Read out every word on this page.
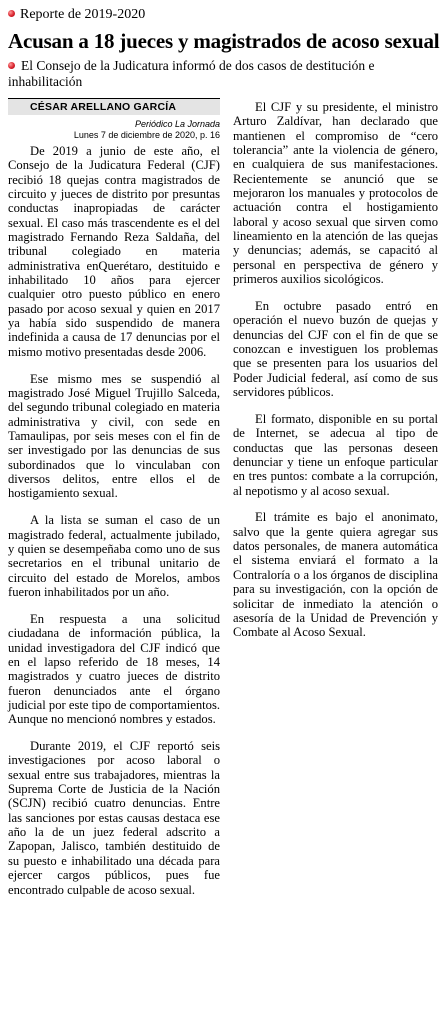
Reporte de 2019-2020
Acusan a 18 jueces y magistrados de acoso sexual
El Consejo de la Judicatura informó de dos casos de destitución e inhabilitación
CÉSAR ARELLANO GARCÍA
Periódico La Jornada
Lunes 7 de diciembre de 2020, p. 16

De 2019 a junio de este año, el Consejo de la Judicatura Federal (CJF) recibió 18 quejas contra magistrados de circuito y jueces de distrito por presuntas conductas inapropiadas de carácter sexual. El caso más trascendente es el del magistrado Fernando Reza Saldaña, del tribunal colegiado en materia administrativa enQuerétaro, destituido e inhabilitado 10 años para ejercer cualquier otro puesto público en enero pasado por acoso sexual y quien en 2017 ya había sido suspendido de manera indefinida a causa de 17 denuncias por el mismo motivo presentadas desde 2006.

Ese mismo mes se suspendió al magistrado José Miguel Trujillo Salceda, del segundo tribunal colegiado en materia administrativa y civil, con sede en Tamaulipas, por seis meses con el fin de ser investigado por las denuncias de sus subordinados que lo vinculaban con diversos delitos, entre ellos el de hostigamiento sexual.

A la lista se suman el caso de un magistrado federal, actualmente jubilado, y quien se desempeñaba como uno de sus secretarios en el tribunal unitario de circuito del estado de Morelos, ambos fueron inhabilitados por un año.

En respuesta a una solicitud ciudadana de información pública, la unidad investigadora del CJF indicó que en el lapso referido de 18 meses, 14 magistrados y cuatro jueces de distrito fueron denunciados ante el órgano judicial por este tipo de comportamientos. Aunque no mencionó nombres y estados.

Durante 2019, el CJF reportó seis investigaciones por acoso laboral o sexual entre sus trabajadores, mientras la Suprema Corte de Justicia de la Nación (SCJN) recibió cuatro denuncias. Entre las sanciones por estas causas destaca ese año la de un juez federal adscrito a Zapopan, Jalisco, también destituido de su puesto e inhabilitado una década para ejercer cargos públicos, pues fue encontrado culpable de acoso sexual.

El CJF y su presidente, el ministro Arturo Zaldívar, han declarado que mantienen el compromiso de “cero tolerancia” ante la violencia de género, en cualquiera de sus manifestaciones. Recientemente se anunció que se mejoraron los manuales y protocolos de actuación contra el hostigamiento laboral y acoso sexual que sirven como lineamiento en la atención de las quejas y denuncias; además, se capacitó al personal en perspectiva de género y primeros auxilios sicológicos.

En octubre pasado entró en operación el nuevo buzón de quejas y denuncias del CJF con el fin de que se conozcan e investiguen los problemas que se presenten para los usuarios del Poder Judicial federal, así como de sus servidores públicos.

El formato, disponible en su portal de Internet, se adecua al tipo de conductas que las personas deseen denunciar y tiene un enfoque particular en tres puntos: combate a la corrupción, al nepotismo y al acoso sexual.

El trámite es bajo el anonimato, salvo que la gente quiera agregar sus datos personales, de manera automática el sistema enviará el formato a la Contraloría o a los órganos de disciplina para su investigación, con la opción de solicitar de inmediato la atención o asesoría de la Unidad de Prevención y Combate al Acoso Sexual.
